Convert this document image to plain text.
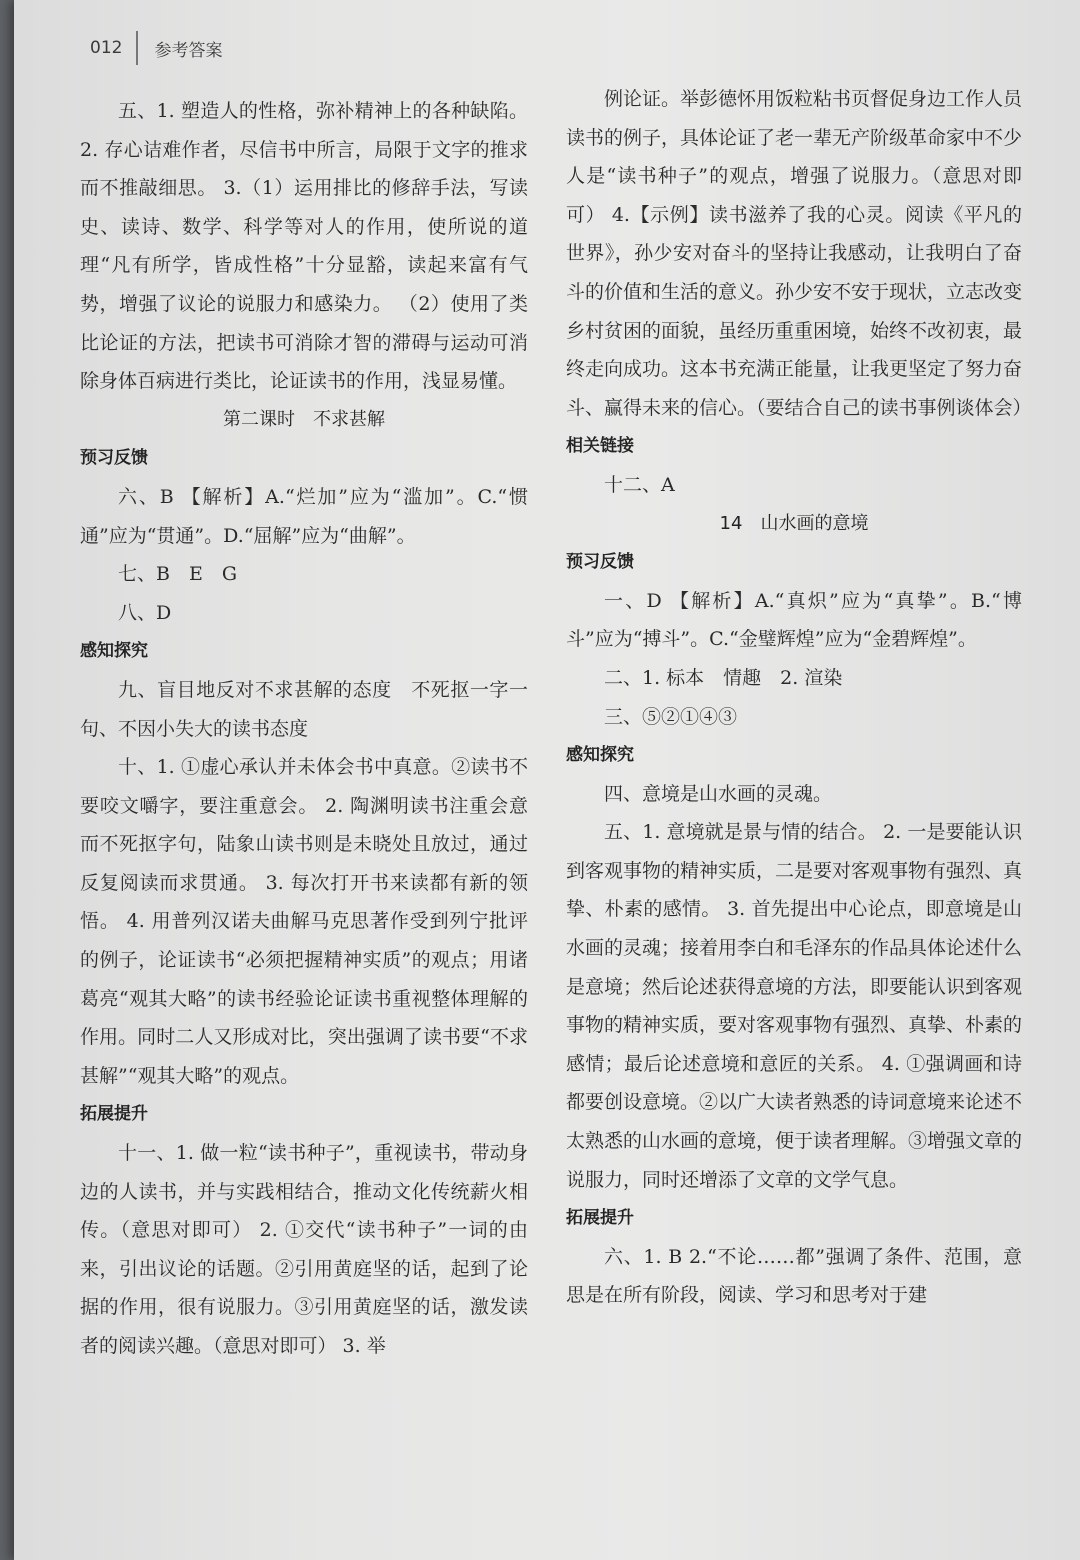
012	参考答案

五、1. 塑造人的性格，弥补精神上的各种缺陷。 2. 存心诘难作者，尽信书中所言，局限于文字的推求而不推敲细思。 3.（1）运用排比的修辞手法，写读史、读诗、数学、科学等对人的作用，使所说的道理“凡有所学，皆成性格”十分显豁，读起来富有气势，增强了议论的说服力和感染力。 （2）使用了类比论证的方法，把读书可消除才智的滞碍与运动可消除身体百病进行类比，论证读书的作用，浅显易懂。

第二课时　不求甚解

预习反馈

六、B 【解析】A.“烂加”应为“滥加”。C.“惯通”应为“贯通”。D.“屈解”应为“曲解”。

七、B　E　G

八、D

感知探究

九、盲目地反对不求甚解的态度　不死抠一字一句、不因小失大的读书态度

十、1. ①虚心承认并未体会书中真意。②读书不要咬文嚼字，要注重意会。 2. 陶渊明读书注重会意而不死抠字句，陆象山读书则是未晓处且放过，通过反复阅读而求贯通。 3. 每次打开书来读都有新的领悟。 4. 用普列汉诺夫曲解马克思著作受到列宁批评的例子，论证读书“必须把握精神实质”的观点；用诸葛亮“观其大略”的读书经验论证读书重视整体理解的作用。同时二人又形成对比，突出强调了读书要“不求甚解”“观其大略”的观点。

拓展提升

十一、1. 做一粒“读书种子”，重视读书，带动身边的人读书，并与实践相结合，推动文化传统薪火相传。（意思对即可） 2. ①交代“读书种子”一词的由来，引出议论的话题。②引用黄庭坚的话，起到了论据的作用，很有说服力。③引用黄庭坚的话，激发读者的阅读兴趣。（意思对即可） 3. 举

例论证。举彭德怀用饭粒粘书页督促身边工作人员读书的例子，具体论证了老一辈无产阶级革命家中不少人是“读书种子”的观点，增强了说服力。（意思对即可） 4.【示例】读书滋养了我的心灵。阅读《平凡的世界》，孙少安对奋斗的坚持让我感动，让我明白了奋斗的价值和生活的意义。孙少安不安于现状，立志改变乡村贫困的面貌，虽经历重重困境，始终不改初衷，最终走向成功。这本书充满正能量，让我更坚定了努力奋斗、赢得未来的信心。（要结合自己的读书事例谈体会）

相关链接

十二、A

14　山水画的意境

预习反馈

一、D 【解析】A.“真炽”应为“真挚”。B.“博斗”应为“搏斗”。C.“金璧辉煌”应为“金碧辉煌”。

二、1. 标本　情趣　2. 渲染

三、⑤②①④③

感知探究

四、意境是山水画的灵魂。

五、1. 意境就是景与情的结合。 2. 一是要能认识到客观事物的精神实质，二是要对客观事物有强烈、真挚、朴素的感情。 3. 首先提出中心论点，即意境是山水画的灵魂；接着用李白和毛泽东的作品具体论述什么是意境；然后论述获得意境的方法，即要能认识到客观事物的精神实质，要对客观事物有强烈、真挚、朴素的感情；最后论述意境和意匠的关系。 4. ①强调画和诗都要创设意境。②以广大读者熟悉的诗词意境来论述不太熟悉的山水画的意境，便于读者理解。③增强文章的说服力，同时还增添了文章的文学气息。

拓展提升

六、1. B 2.“不论……都”强调了条件、范围，意思是在所有阶段，阅读、学习和思考对于建
